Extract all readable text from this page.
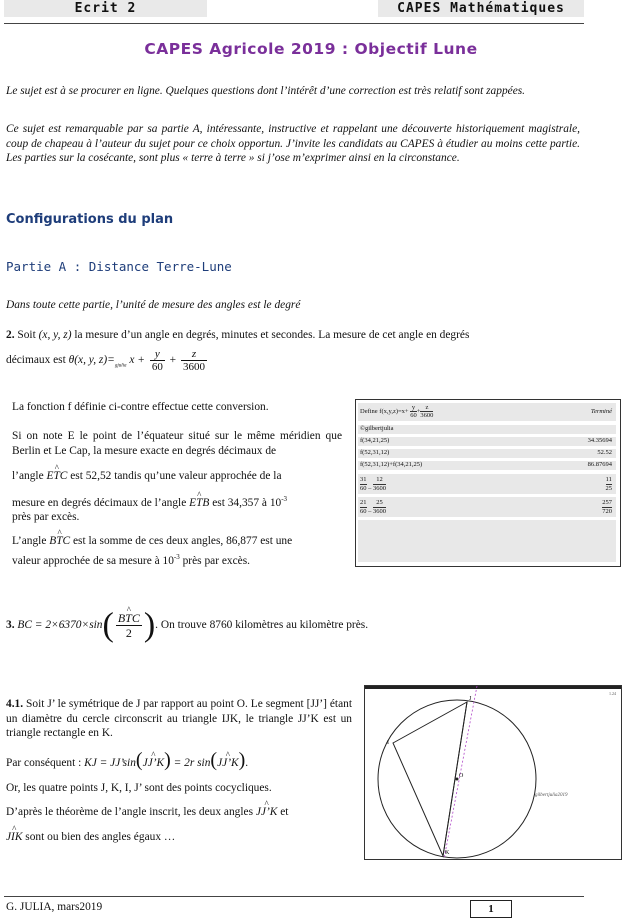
Ecrit 2	CAPES Mathématiques
CAPES Agricole 2019 : Objectif Lune
Le sujet est à se procurer en ligne. Quelques questions dont l’intérêt d’une correction est très relatif sont zappées.
Ce sujet est remarquable par sa partie A, intéressante, instructive et rappelant une découverte historiquement magistrale, coup de chapeau à l’auteur du sujet pour ce choix opportun. J’invite les candidats au CAPES à étudier au moins cette partie. Les parties sur la cosécante, sont plus « terre à terre » si j’ose m’exprimer ainsi en la circonstance.
Configurations du plan
Partie A : Distance Terre-Lune
Dans toute cette partie, l’unité de mesure des angles est le degré
2. Soit (x, y, z) la mesure d’un angle en degrés, minutes et secondes. La mesure de cet angle en degrés
décimaux est θ(x, y, $z)=_{gjulia}$ $x + \frac{y}{60} + \frac{z}{3600}$
La fonction f définie ci-contre effectue cette conversion.
Si on note E le point de l’équateur situé sur le même méridien que Berlin et Le Cap, la mesure exacte en degrés décimaux de
l’angle ^ ETC est 52,52 tandis qu’une valeur approchée de la
mesure en degrés décimaux de l’angle ^ ETB est 34,357 à $10^{-3}$
près par excès.
L’angle ^ BTC est la somme de ces deux angles, 86,877 est une
valeur approchée de sa mesure à $10^{-3}$ près par excès.
Define $f(x,y,z)=x+ \frac{y}{60} + \frac{z}{3600}$	Terminé
©gilbertjulia
f(34,21,25)	34.35694
f(52,31,12)	52.52
f(52,31,12)+f(34,21,25)	86.87694
$\frac{31}{60} - \frac{12}{3600}$	$\frac{11}{25}$
$\frac{21}{60} - \frac{25}{3600}$	$\frac{257}{720}$
3. BC = 2×6370×sin(
^ $\frac{\text{BTC}}{2}$ ). On trouve 8760 kilomètres au kilomètre près.
4.1. Soit J’ le symétrique de J par rapport au point O. Le segment [JJ’] étant un diamètre du cercle circonscrit au triangle IJK, le triangle JJ’K est un triangle rectangle en K.
Par conséquent : KJ = JJ’sin(^ JJ’K) = 2r sin(^ JJ’K).
Or, les quatre points J, K, I, J’ sont des points cocycliques.
D’après le théorème de l’angle inscrit, les deux angles ^ JJ’K et
^ JIK sont ou bien des angles égaux …
I
J
O
K
gilbertjulia2019
1.24
G. JULIA, mars2019	1
